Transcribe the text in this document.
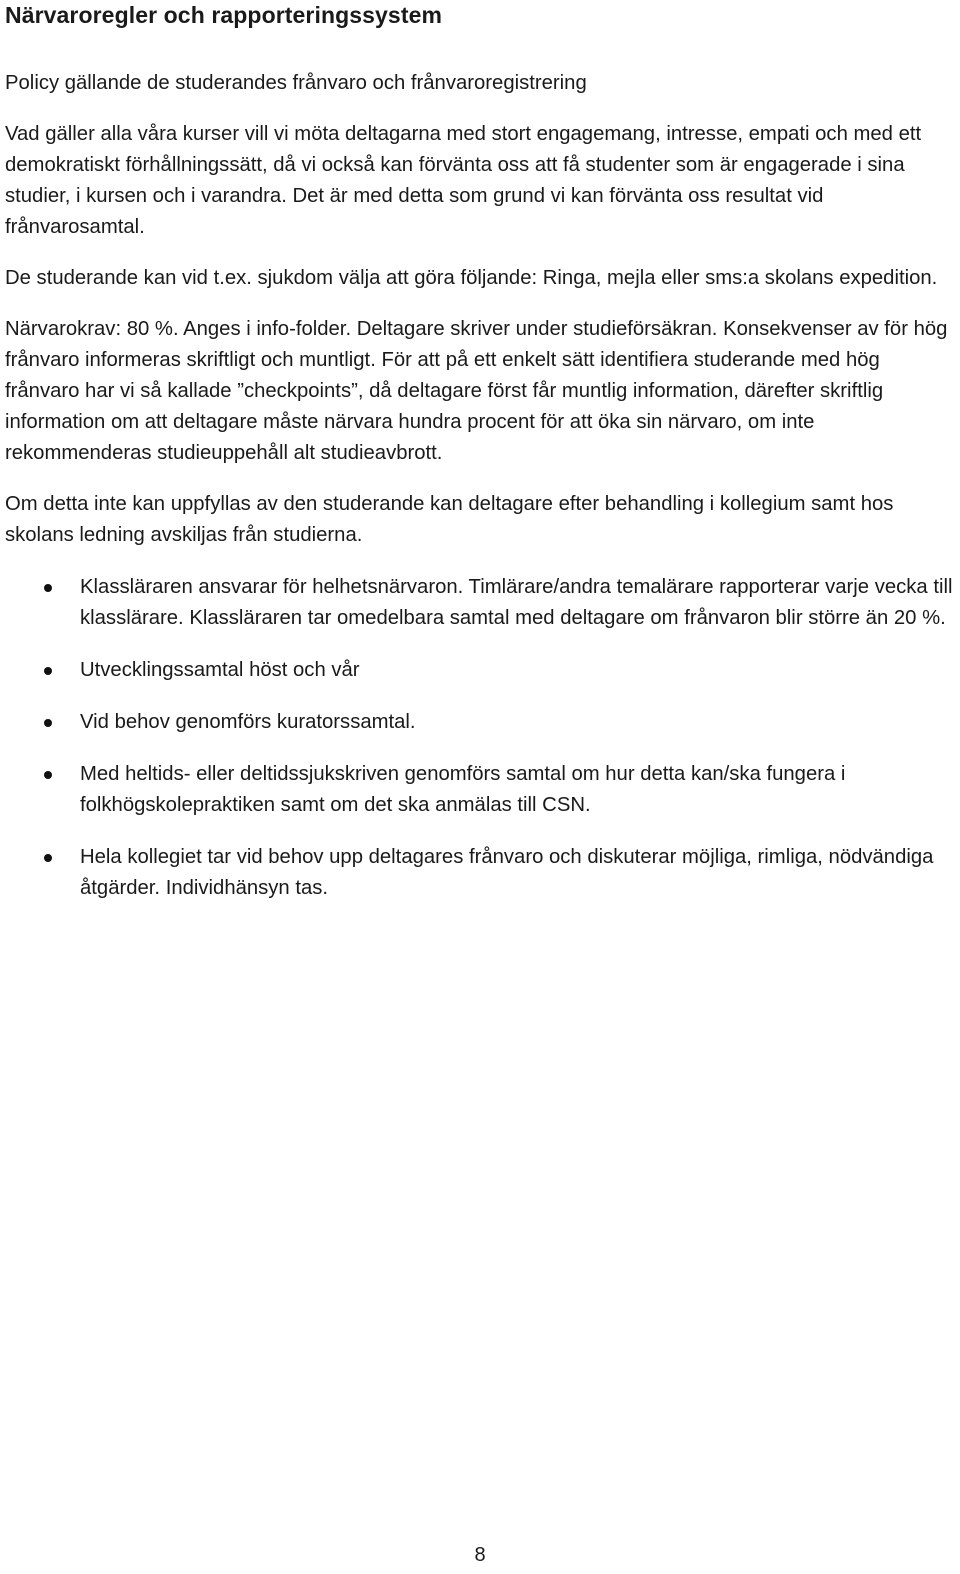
Närvaroregler och rapporteringssystem

Policy gällande de studerandes frånvaro och frånvaroregistrering

Vad gäller alla våra kurser vill vi möta deltagarna med stort engagemang, intresse, empati och med ett demokratiskt förhållningssätt, då vi också kan förvänta oss att få studenter som är engagerade i sina studier, i kursen och i varandra. Det är med detta som grund vi kan förvänta oss resultat vid frånvarosamtal.

De studerande kan vid t.ex. sjukdom välja att göra följande: Ringa, mejla eller sms:a skolans expedition.

Närvarokrav: 80 %. Anges i info-folder. Deltagare skriver under studieförsäkran. Konsekvenser av för hög frånvaro informeras skriftligt och muntligt. För att på ett enkelt sätt identifiera studerande med hög frånvaro har vi så kallade ”checkpoints”, då deltagare först får muntlig information, därefter skriftlig information om att deltagare måste närvara hundra procent för att öka sin närvaro, om inte rekommenderas studieuppehåll alt studieavbrott.

Om detta inte kan uppfyllas av den studerande kan deltagare efter behandling i kollegium samt hos skolans ledning avskiljas från studierna.

Klassläraren ansvarar för helhetsnärvaron. Timlärare/andra temalärare rapporterar varje vecka till klasslärare. Klassläraren tar omedelbara samtal med deltagare om frånvaron blir större än 20 %.
Utvecklingssamtal höst och vår
Vid behov genomförs kuratorssamtal.
Med heltids- eller deltidssjukskriven genomförs samtal om hur detta kan/ska fungera i folkhögskolepraktiken samt om det ska anmälas till CSN.
Hela kollegiet tar vid behov upp deltagares frånvaro och diskuterar möjliga, rimliga, nödvändiga åtgärder. Individhänsyn tas.
8
